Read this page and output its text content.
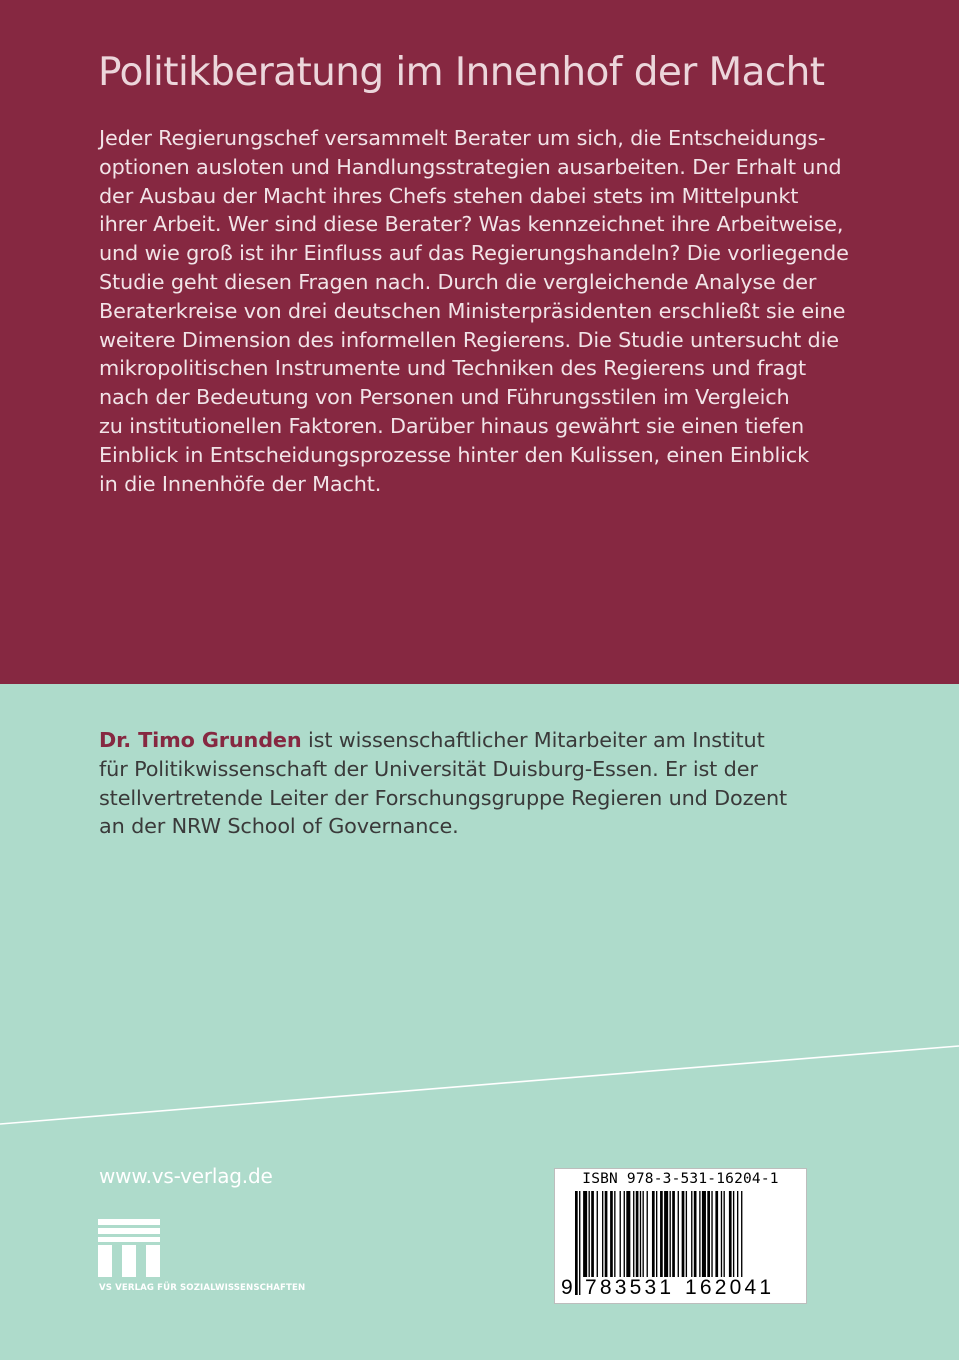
Politikberatung im Innenhof der Macht

Jeder Regierungschef versammelt Berater um sich, die Entscheidungs-
optionen ausloten und Handlungsstrategien ausarbeiten. Der Erhalt und
der Ausbau der Macht ihres Chefs stehen dabei stets im Mittelpunkt
ihrer Arbeit. Wer sind diese Berater? Was kennzeichnet ihre Arbeitweise,
und wie groß ist ihr Einfluss auf das Regierungshandeln? Die vorliegende
Studie geht diesen Fragen nach. Durch die vergleichende Analyse der
Beraterkreise von drei deutschen Ministerpräsidenten erschließt sie eine
weitere Dimension des informellen Regierens. Die Studie untersucht die
mikropolitischen Instrumente und Techniken des Regierens und fragt
nach der Bedeutung von Personen und Führungsstilen im Vergleich
zu institutionellen Faktoren. Darüber hinaus gewährt sie einen tiefen
Einblick in Entscheidungsprozesse hinter den Kulissen, einen Einblick
in die Innenhöfe der Macht.

Dr. Timo Grunden ist wissenschaftlicher Mitarbeiter am Institut
für Politikwissenschaft der Universität Duisburg-Essen. Er ist der
stellvertretende Leiter der Forschungsgruppe Regieren und Dozent
an der NRW School of Governance.

www.vs-verlag.de
VS VERLAG FÜR SOZIALWISSENSCHAFTEN
ISBN 978-3-531-16204-1
9 783531 162041
